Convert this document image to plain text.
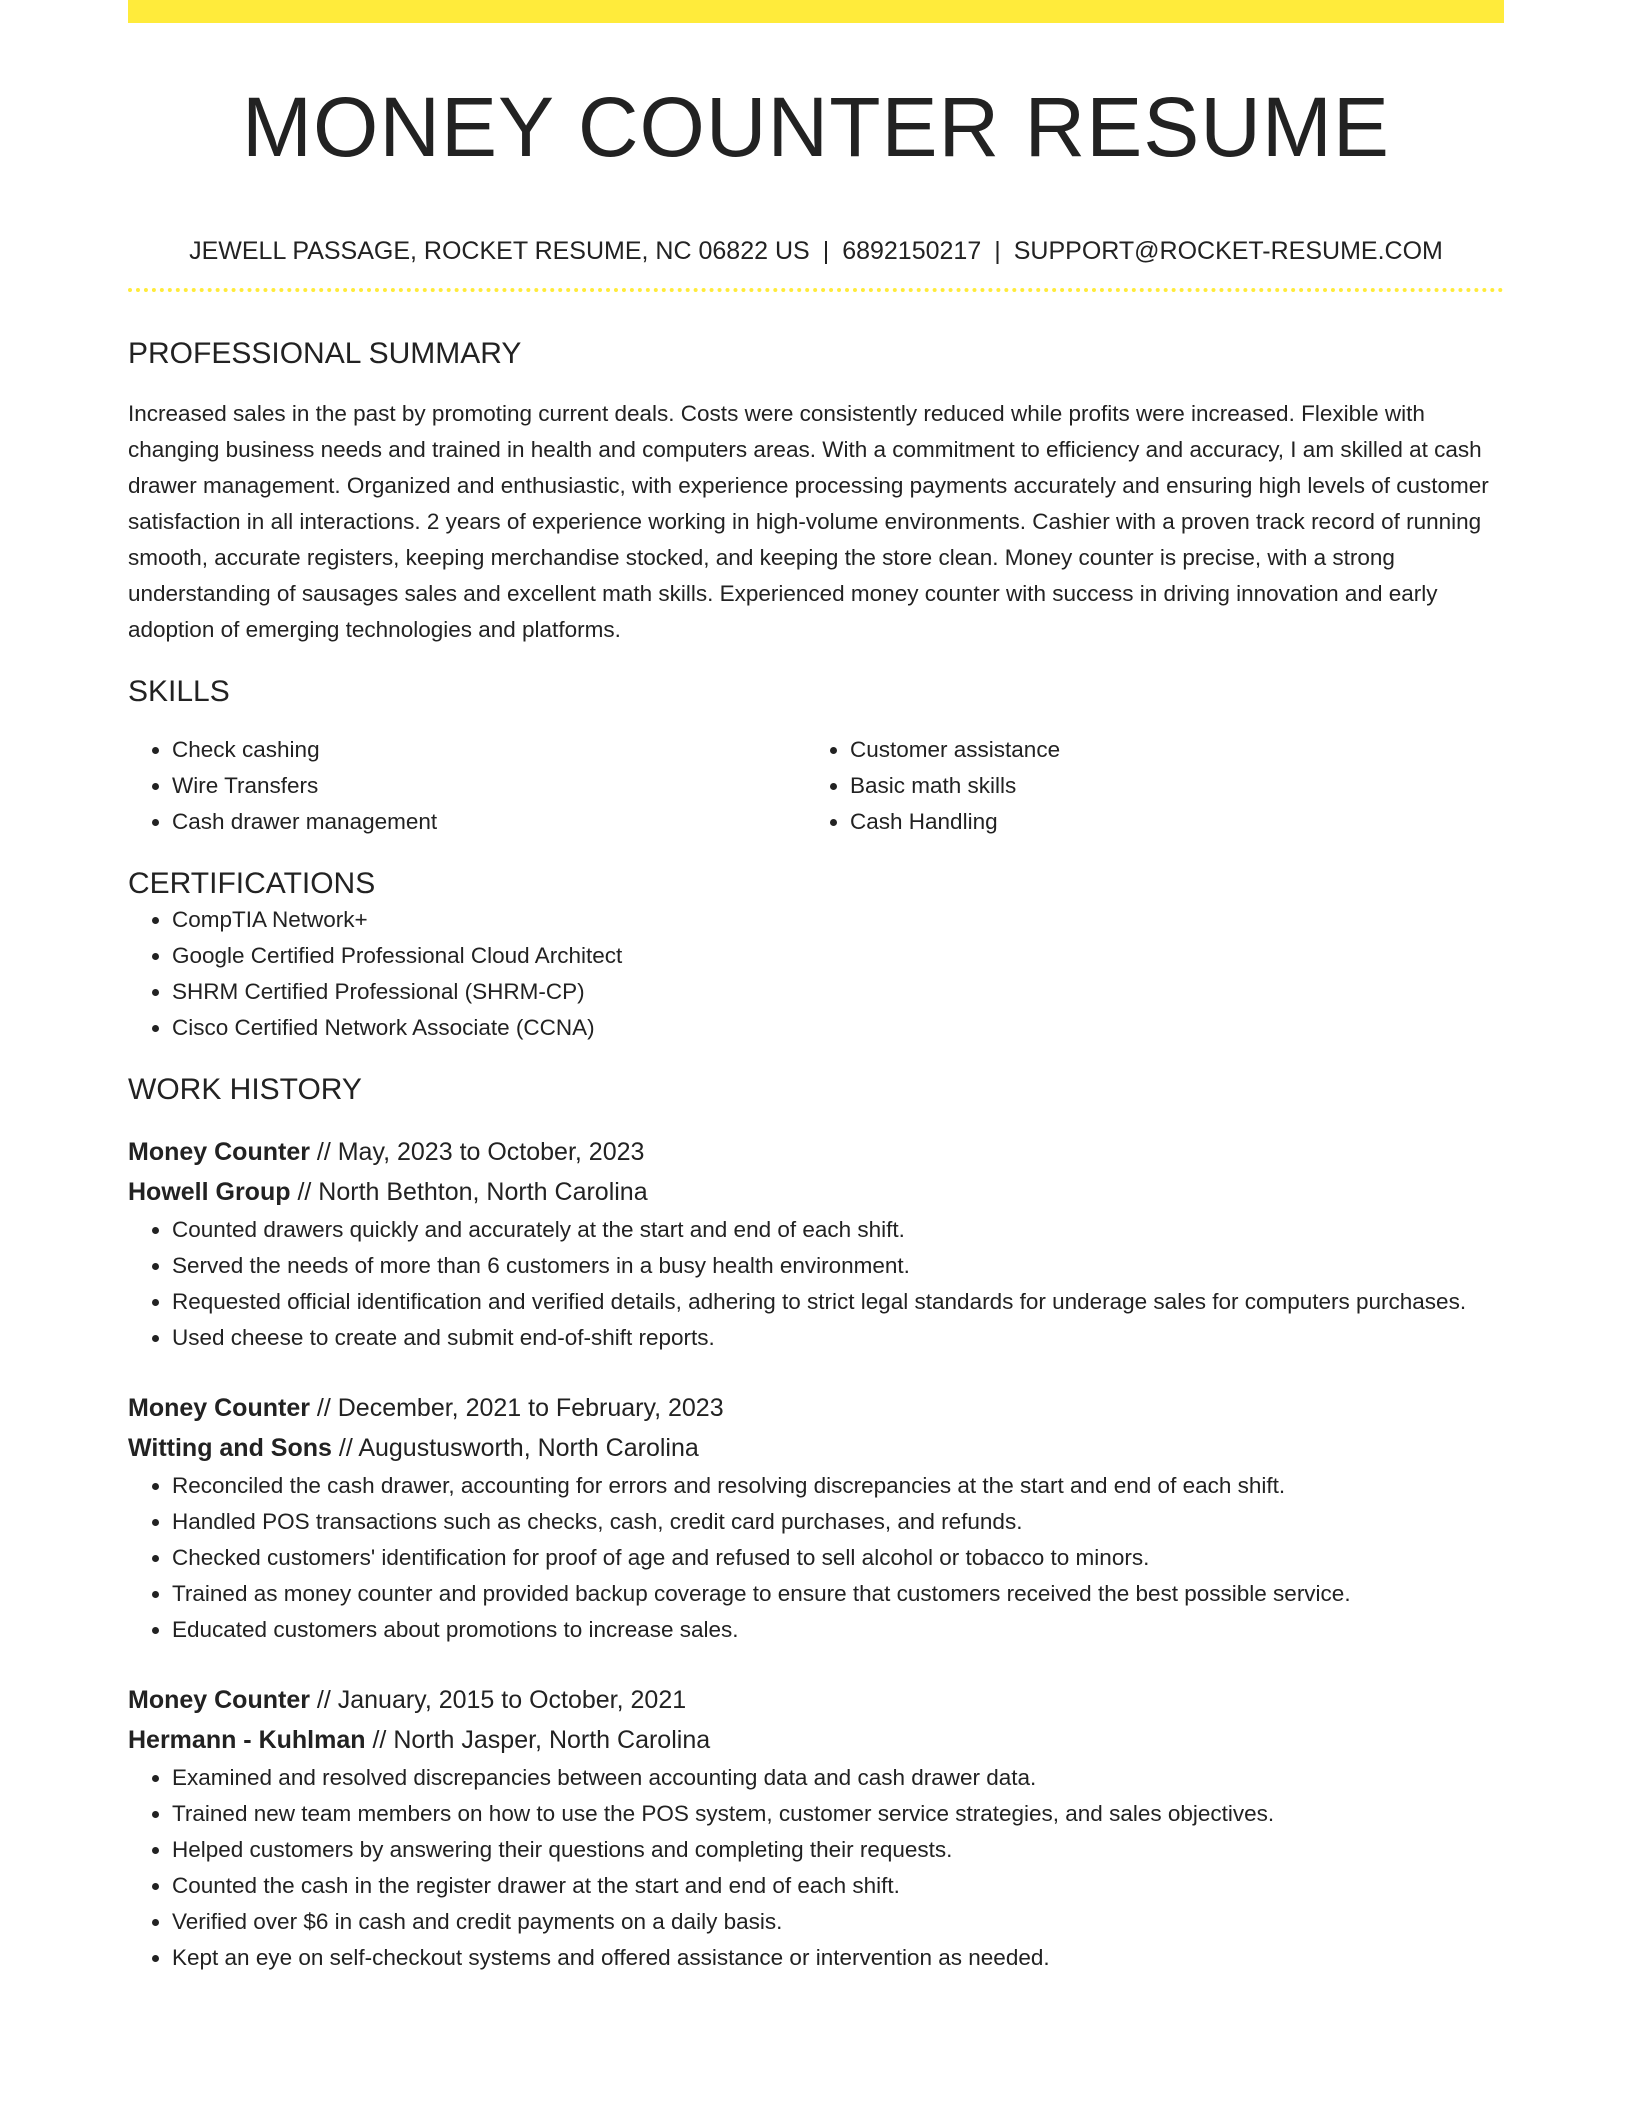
MONEY COUNTER RESUME
JEWELL PASSAGE, ROCKET RESUME, NC 06822 US | 6892150217 | SUPPORT@ROCKET-RESUME.COM
PROFESSIONAL SUMMARY

Increased sales in the past by promoting current deals. Costs were consistently reduced while profits were increased. Flexible with changing business needs and trained in health and computers areas. With a commitment to efficiency and accuracy, I am skilled at cash drawer management. Organized and enthusiastic, with experience processing payments accurately and ensuring high levels of customer satisfaction in all interactions. 2 years of experience working in high-volume environments. Cashier with a proven track record of running smooth, accurate registers, keeping merchandise stocked, and keeping the store clean. Money counter is precise, with a strong understanding of sausages sales and excellent math skills. Experienced money counter with success in driving innovation and early adoption of emerging technologies and platforms.

SKILLS
• Check cashing
• Wire Transfers
• Cash drawer management
• Customer assistance
• Basic math skills
• Cash Handling
CERTIFICATIONS
• CompTIA Network+
• Google Certified Professional Cloud Architect
• SHRM Certified Professional (SHRM-CP)
• Cisco Certified Network Associate (CCNA)
WORK HISTORY
Money Counter // May, 2023 to October, 2023
Howell Group // North Bethton, North Carolina
• Counted drawers quickly and accurately at the start and end of each shift.
• Served the needs of more than 6 customers in a busy health environment.
• Requested official identification and verified details, adhering to strict legal standards for underage sales for computers purchases.
• Used cheese to create and submit end-of-shift reports.
Money Counter // December, 2021 to February, 2023
Witting and Sons // Augustusworth, North Carolina
• Reconciled the cash drawer, accounting for errors and resolving discrepancies at the start and end of each shift.
• Handled POS transactions such as checks, cash, credit card purchases, and refunds.
• Checked customers' identification for proof of age and refused to sell alcohol or tobacco to minors.
• Trained as money counter and provided backup coverage to ensure that customers received the best possible service.
• Educated customers about promotions to increase sales.
Money Counter // January, 2015 to October, 2021
Hermann - Kuhlman // North Jasper, North Carolina
• Examined and resolved discrepancies between accounting data and cash drawer data.
• Trained new team members on how to use the POS system, customer service strategies, and sales objectives.
• Helped customers by answering their questions and completing their requests.
• Counted the cash in the register drawer at the start and end of each shift.
• Verified over $6 in cash and credit payments on a daily basis.
• Kept an eye on self-checkout systems and offered assistance or intervention as needed.
